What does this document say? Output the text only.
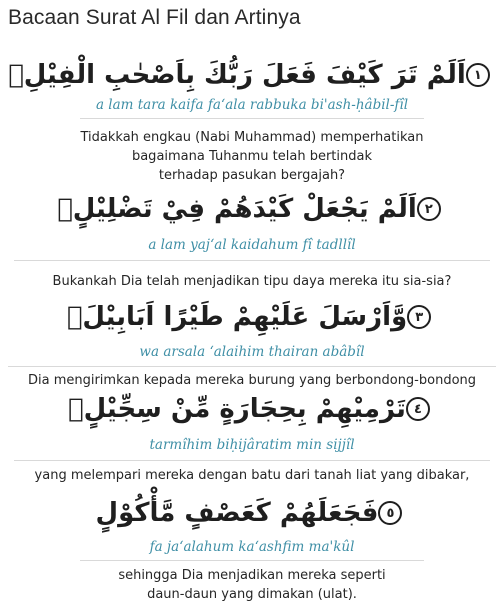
Bacaan Surat Al Fil dan Artinya
اَلَمْ تَرَ كَيْفَ فَعَلَ رَبُّكَ بِاَصْحٰبِ الْفِيْلِۗ ١
a lam tara kaifa fa‘ala rabbuka bi'ash-ḥâbil-fîl
Tidakkah engkau (Nabi Muhammad) memperhatikan
bagaimana Tuhanmu telah bertindak
terhadap pasukan bergajah?
اَلَمْ يَجْعَلْ كَيْدَهُمْ فِيْ تَضْلِيْلٍۙ ٢
a lam yaj‘al kaidahum fî tadllîl
Bukankah Dia telah menjadikan tipu daya mereka itu sia-sia?
وَّاَرْسَلَ عَلَيْهِمْ طَيْرًا اَبَابِيْلَۙ ٣
wa arsala ‘alaihim thairan abâbîl
Dia mengirimkan kepada mereka burung yang berbondong-bondong
تَرْمِيْهِمْ بِحِجَارَةٍ مِّنْ سِجِّيْلٍۙ ٤
tarmîhim biḥijâratim min sijjîl
yang melempari mereka dengan batu dari tanah liat yang dibakar,
فَجَعَلَهُمْ كَعَصْفٍ مَّأْكُوْلٍ ٥
fa ja‘alahum ka‘ashfim ma'kûl
sehingga Dia menjadikan mereka seperti
daun-daun yang dimakan (ulat).
